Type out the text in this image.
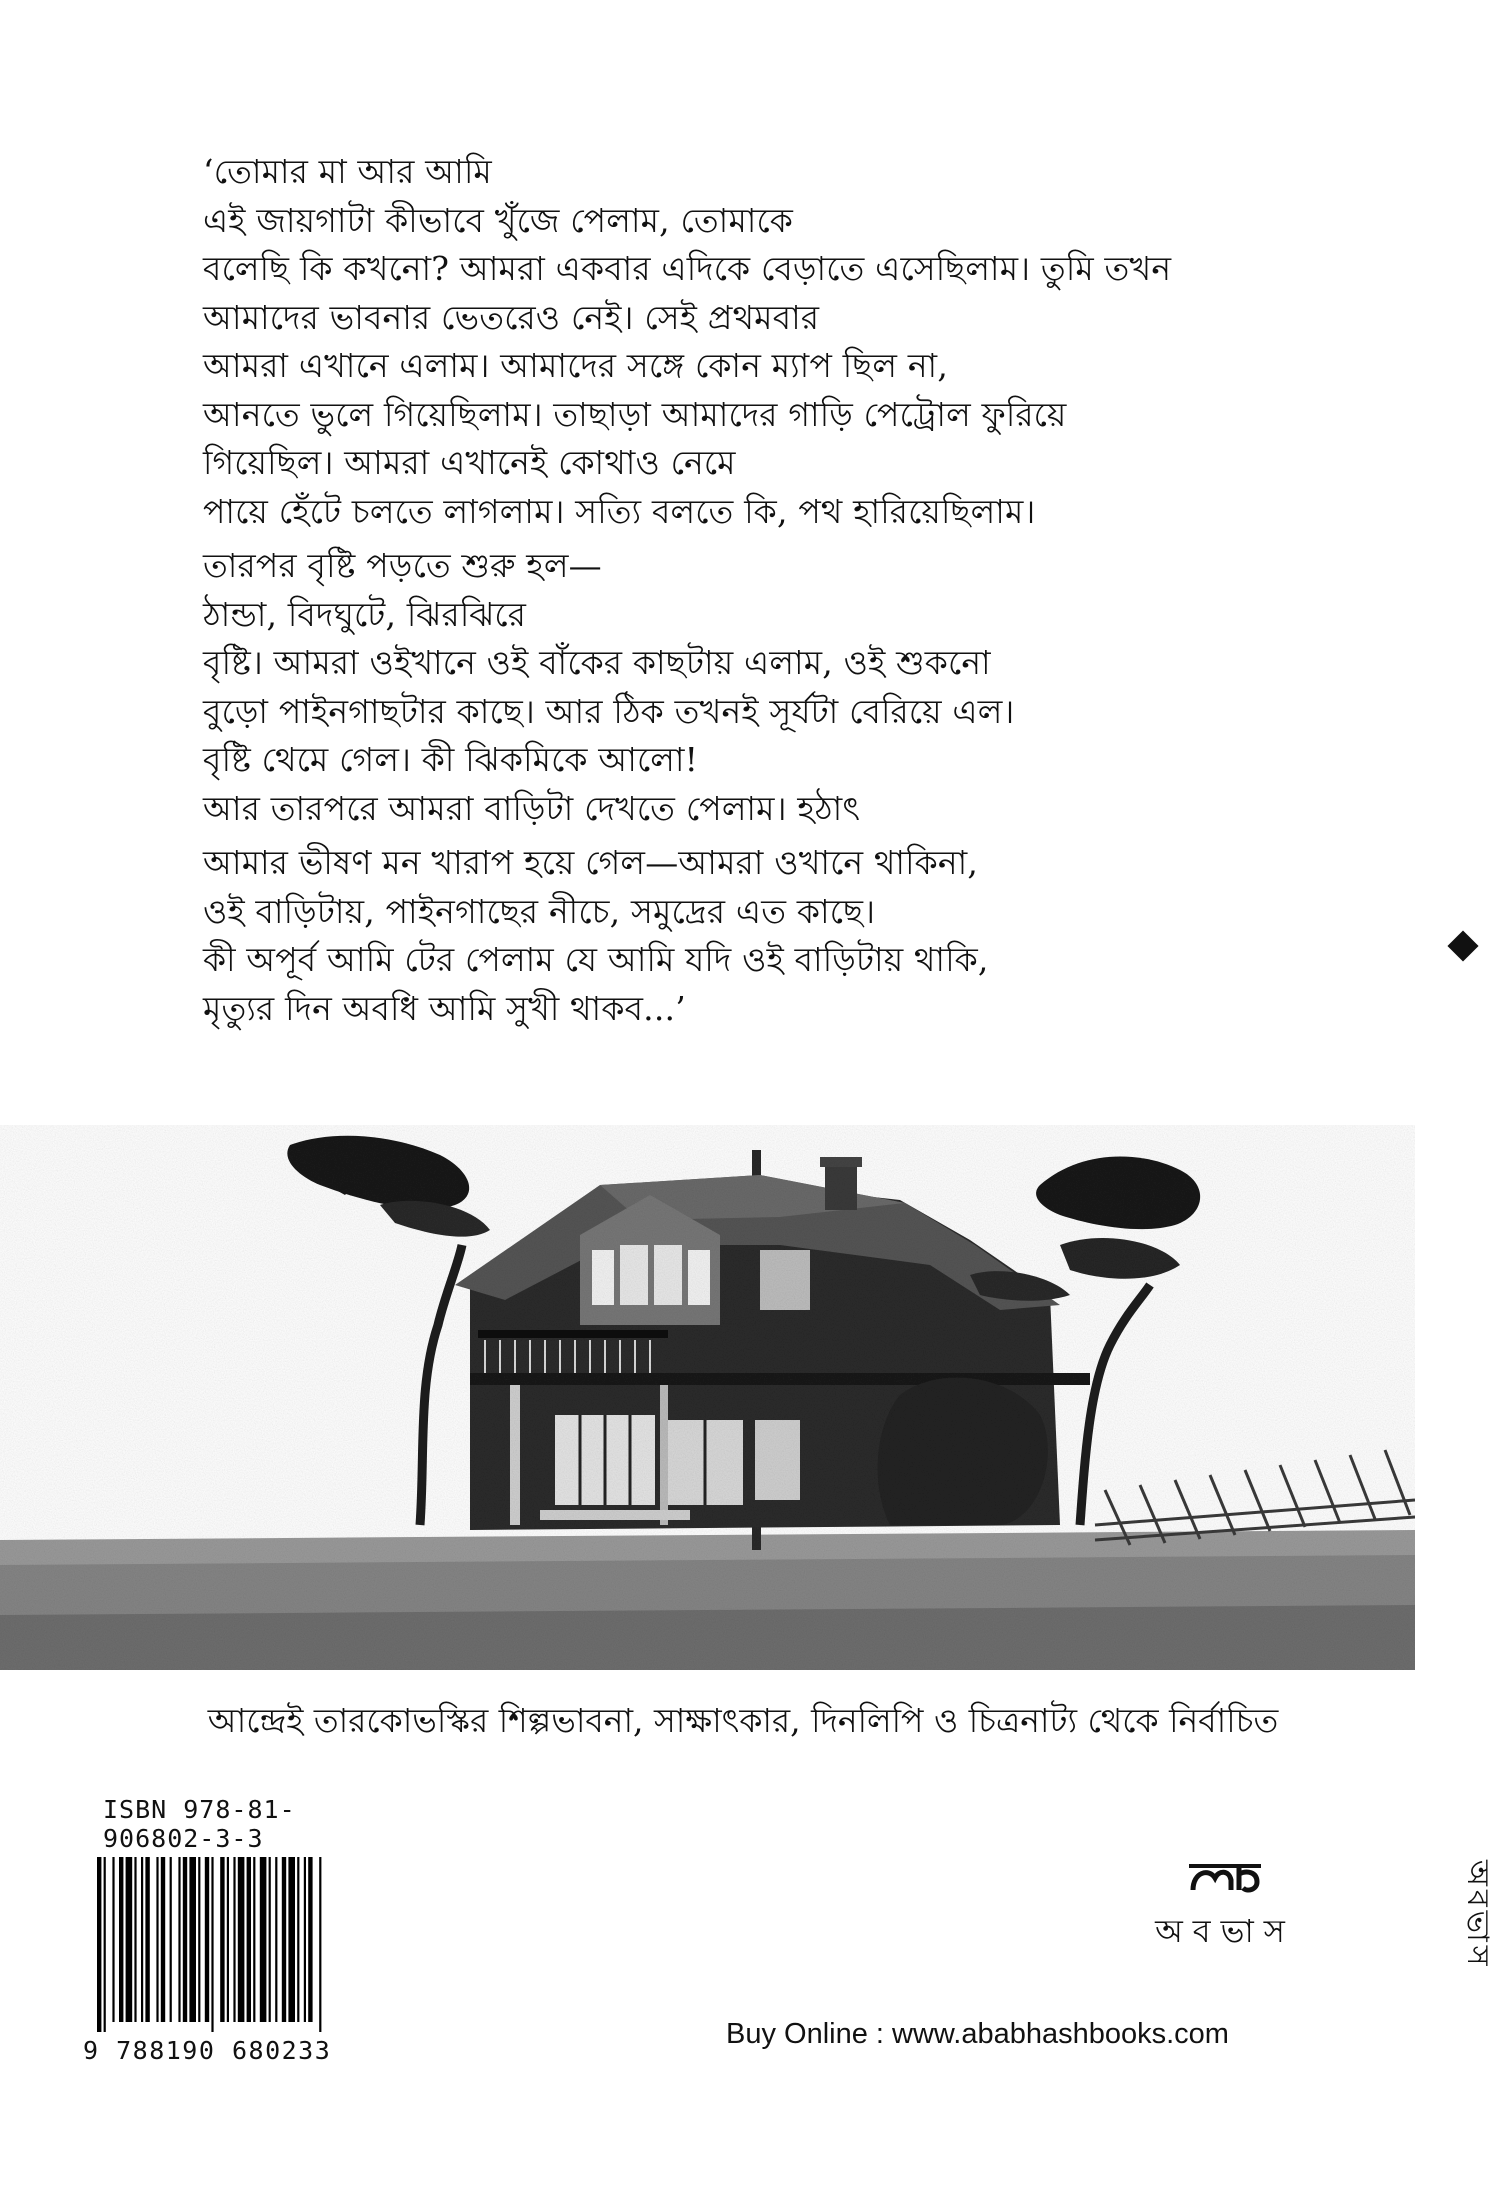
‘তোমার মা আর আমি
এই জায়গাটা কীভাবে খুঁজে পেলাম, তোমাকে
বলেছি কি কখনো? আমরা একবার এদিকে বেড়াতে এসেছিলাম। তুমি তখন
আমাদের ভাবনার ভেতরেও নেই। সেই প্রথমবার
আমরা এখানে এলাম। আমাদের সঙ্গে কোন ম্যাপ ছিল না,
আনতে ভুলে গিয়েছিলাম। তাছাড়া আমাদের গাড়ি পেট্রোল ফুরিয়ে
গিয়েছিল। আমরা এখানেই কোথাও নেমে
পায়ে হেঁটে চলতে লাগলাম। সত্যি বলতে কি, পথ হারিয়েছিলাম।
তারপর বৃষ্টি পড়তে শুরু হল—
ঠান্ডা, বিদঘুটে, ঝিরঝিরে
বৃষ্টি। আমরা ওইখানে ওই বাঁকের কাছটায় এলাম, ওই শুকনো
বুড়ো পাইনগাছটার কাছে। আর ঠিক তখনই সূর্যটা বেরিয়ে এল।
বৃষ্টি থেমে গেল। কী ঝিকমিকে আলো!
আর তারপরে আমরা বাড়িটা দেখতে পেলাম। হঠাৎ
আমার ভীষণ মন খারাপ হয়ে গেল—আমরা ওখানে থাকিনা,
ওই বাড়িটায়, পাইনগাছের নীচে, সমুদ্রের এত কাছে।
কী অপূর্ব আমি টের পেলাম যে আমি যদি ওই বাড়িটায় থাকি,
মৃত্যুর দিন অবধি আমি সুখী থাকব...’
আন্দ্রেই তারকোভস্কির শিল্পভাবনা, সাক্ষাৎকার, দিনলিপি ও চিত্রনাট্য থেকে নির্বাচিত
ISBN 978-81-906802-3-3
9 788190 680233
অবভাস
Buy Online : www.ababhashbooks.com
অবভাস
